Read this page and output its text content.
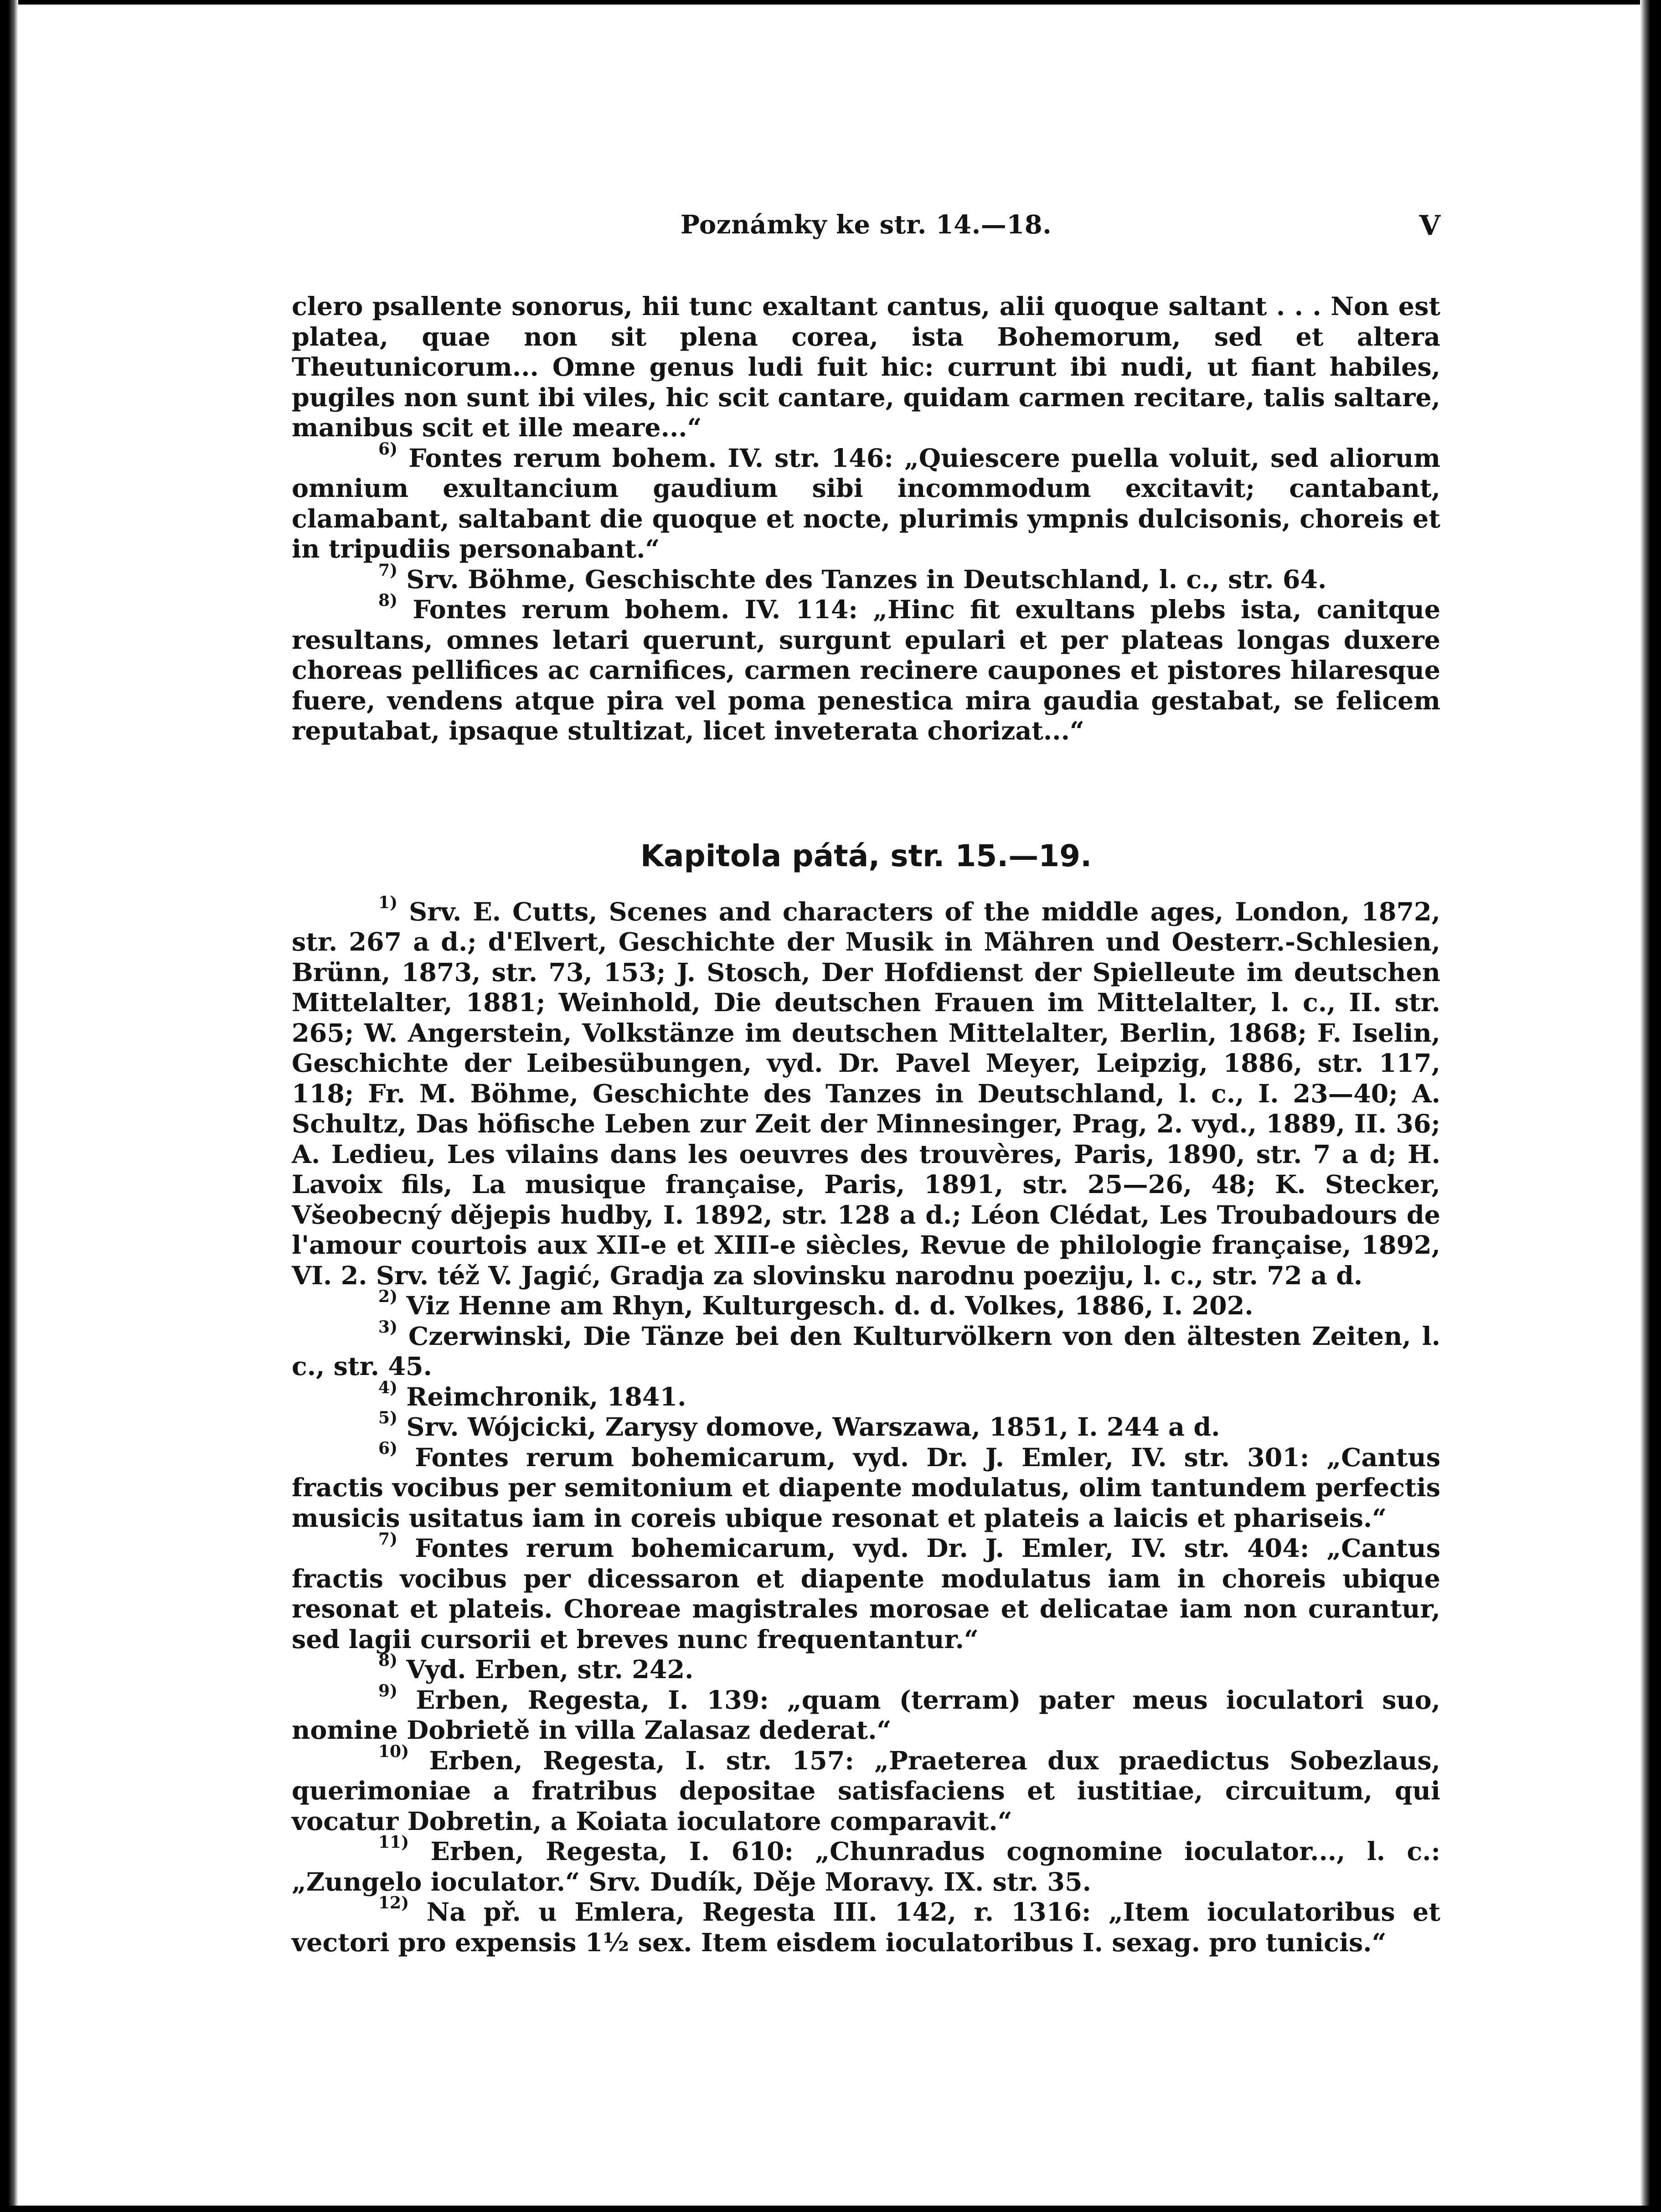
Poznámky ke str. 14.—18.	V

clero psallente sonorus, hii tunc exaltant cantus, alii quoque saltant . . . Non est platea, quae non sit plena corea, ista Bohemorum, sed et altera Theutunicorum... Omne genus ludi fuit hic: currunt ibi nudi, ut fiant habiles, pugiles non sunt ibi viles, hic scit cantare, quidam carmen recitare, talis saltare, manibus scit et ille meare...“

$^{6)}$ Fontes rerum bohem. IV. str. 146: „Quiescere puella voluit, sed aliorum omnium exultancium gaudium sibi incommodum excitavit; cantabant, clamabant, saltabant die quoque et nocte, plurimis ympnis dulcisonis, choreis et in tripudiis personabant.“

$^{7)}$ Srv. Böhme, Geschischte des Tanzes in Deutschland, l. c., str. 64.

$^{8)}$ Fontes rerum bohem. IV. 114: „Hinc fit exultans plebs ista, canitque resultans, omnes letari querunt, surgunt epulari et per plateas longas duxere choreas pellifices ac carnifices, carmen recinere caupones et pistores hilaresque fuere, vendens atque pira vel poma penestica mira gaudia gestabat, se felicem reputabat, ipsaque stultizat, licet inveterata chorizat...“

Kapitola pátá, str. 15.—19.

$^{1)}$ Srv. E. Cutts, Scenes and characters of the middle ages, London, 1872, str. 267 a d.; d'Elvert, Geschichte der Musik in Mähren und Oesterr.-Schlesien, Brünn, 1873, str. 73, 153; J. Stosch, Der Hofdienst der Spielleute im deutschen Mittelalter, 1881; Weinhold, Die deutschen Frauen im Mittelalter, l. c., II. str. 265; W. Angerstein, Volkstänze im deutschen Mittelalter, Berlin, 1868; F. Iselin, Geschichte der Leibesübungen, vyd. Dr. Pavel Meyer, Leipzig, 1886, str. 117, 118; Fr. M. Böhme, Geschichte des Tanzes in Deutschland, l. c., I. 23—40; A. Schultz, Das höfische Leben zur Zeit der Minnesinger, Prag, 2. vyd., 1889, II. 36; A. Ledieu, Les vilains dans les oeuvres des trouvères, Paris, 1890, str. 7 a d; H. Lavoix fils, La musique française, Paris, 1891, str. 25—26, 48; K. Stecker, Všeobecný dějepis hudby, I. 1892, str. 128 a d.; Léon Clédat, Les Troubadours de l'amour courtois aux XII-e et XIII-e siècles, Revue de philologie française, 1892, VI. 2. Srv. též V. Jagić, Gradja za slovinsku narodnu poeziju, l. c., str. 72 a d.

$^{2)}$ Viz Henne am Rhyn, Kulturgesch. d. d. Volkes, 1886, I. 202.

$^{3)}$ Czerwinski, Die Tänze bei den Kulturvölkern von den ältesten Zeiten, l. c., str. 45.

$^{4)}$ Reimchronik, 1841.

$^{5)}$ Srv. Wójcicki, Zarysy domove, Warszawa, 1851, I. 244 a d.

$^{6)}$ Fontes rerum bohemicarum, vyd. Dr. J. Emler, IV. str. 301: „Cantus fractis vocibus per semitonium et diapente modulatus, olim tantundem perfectis musicis usitatus iam in coreis ubique resonat et plateis a laicis et phariseis.“

$^{7)}$ Fontes rerum bohemicarum, vyd. Dr. J. Emler, IV. str. 404: „Cantus fractis vocibus per dicessaron et diapente modulatus iam in choreis ubique resonat et plateis. Choreae magistrales morosae et delicatae iam non curantur, sed lagii cursorii et breves nunc frequentantur.“

$^{8)}$ Vyd. Erben, str. 242.

$^{9)}$ Erben, Regesta, I. 139: „quam (terram) pater meus ioculatori suo, nomine Dobrietě in villa Zalasaz dederat.“

$^{10)}$ Erben, Regesta, I. str. 157: „Praeterea dux praedictus Sobezlaus, querimoniae a fratribus depositae satisfaciens et iustitiae, circuitum, qui vocatur Dobretin, a Koiata ioculatore comparavit.“

$^{11)}$ Erben, Regesta, I. 610: „Chunradus cognomine ioculator..., l. c.: „Zungelo ioculator.“ Srv. Dudík, Děje Moravy. IX. str. 35.

$^{12)}$ Na př. u Emlera, Regesta III. 142, r. 1316: „Item ioculatoribus et vectori pro expensis 1½ sex. Item eisdem ioculatoribus I. sexag. pro tunicis.“
